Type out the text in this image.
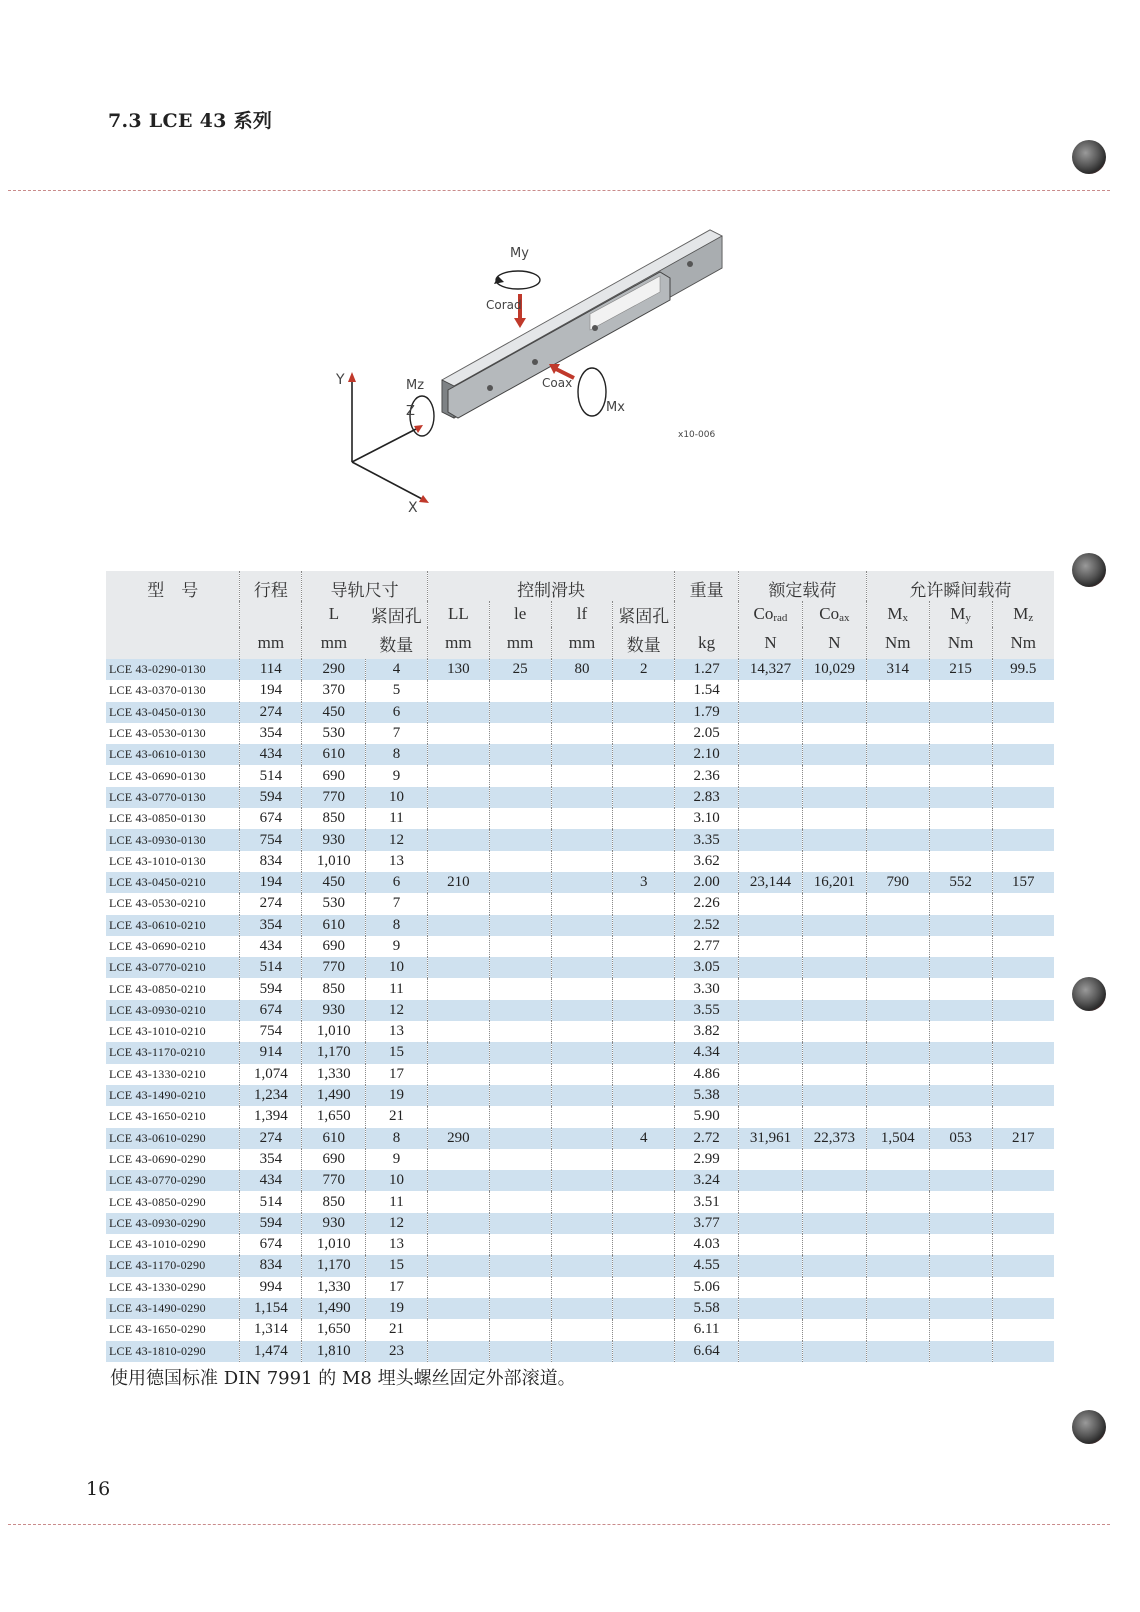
7.3 LCE 43 系列
My
Corad
Coax
Mx
Mz
Y
Z
X
x10-006
型　号	行程	导轨尺寸		控制滑块				重量	额定载荷		允许瞬间载荷		
		L	紧固孔	LL	le	lf	紧固孔		$Co_{rad}$	$Co_{ax}$	$M_x$	$M_y$	$M_z$
	mm	mm	数量	mm	mm	mm	数量	kg	N	N	Nm	Nm	Nm
LCE 43-0290-0130	114	290	4	130	25	80	2	1.27	14,327	10,029	314	215	99.5
LCE 43-0370-0130	194	370	5					1.54					
LCE 43-0450-0130	274	450	6					1.79					
LCE 43-0530-0130	354	530	7					2.05					
LCE 43-0610-0130	434	610	8					2.10					
LCE 43-0690-0130	514	690	9					2.36					
LCE 43-0770-0130	594	770	10					2.83					
LCE 43-0850-0130	674	850	11					3.10					
LCE 43-0930-0130	754	930	12					3.35					
LCE 43-1010-0130	834	1,010	13					3.62					
LCE 43-0450-0210	194	450	6	210			3	2.00	23,144	16,201	790	552	157
LCE 43-0530-0210	274	530	7					2.26					
LCE 43-0610-0210	354	610	8					2.52					
LCE 43-0690-0210	434	690	9					2.77					
LCE 43-0770-0210	514	770	10					3.05					
LCE 43-0850-0210	594	850	11					3.30					
LCE 43-0930-0210	674	930	12					3.55					
LCE 43-1010-0210	754	1,010	13					3.82					
LCE 43-1170-0210	914	1,170	15					4.34					
LCE 43-1330-0210	1,074	1,330	17					4.86					
LCE 43-1490-0210	1,234	1,490	19					5.38					
LCE 43-1650-0210	1,394	1,650	21					5.90					
LCE 43-0610-0290	274	610	8	290			4	2.72	31,961	22,373	1,504	053	217
LCE 43-0690-0290	354	690	9					2.99					
LCE 43-0770-0290	434	770	10					3.24					
LCE 43-0850-0290	514	850	11					3.51					
LCE 43-0930-0290	594	930	12					3.77					
LCE 43-1010-0290	674	1,010	13					4.03					
LCE 43-1170-0290	834	1,170	15					4.55					
LCE 43-1330-0290	994	1,330	17					5.06					
LCE 43-1490-0290	1,154	1,490	19					5.58					
LCE 43-1650-0290	1,314	1,650	21					6.11					
LCE 43-1810-0290	1,474	1,810	23					6.64					
使用德国标准 DIN 7991 的 M8 埋头螺丝固定外部滚道。
16
